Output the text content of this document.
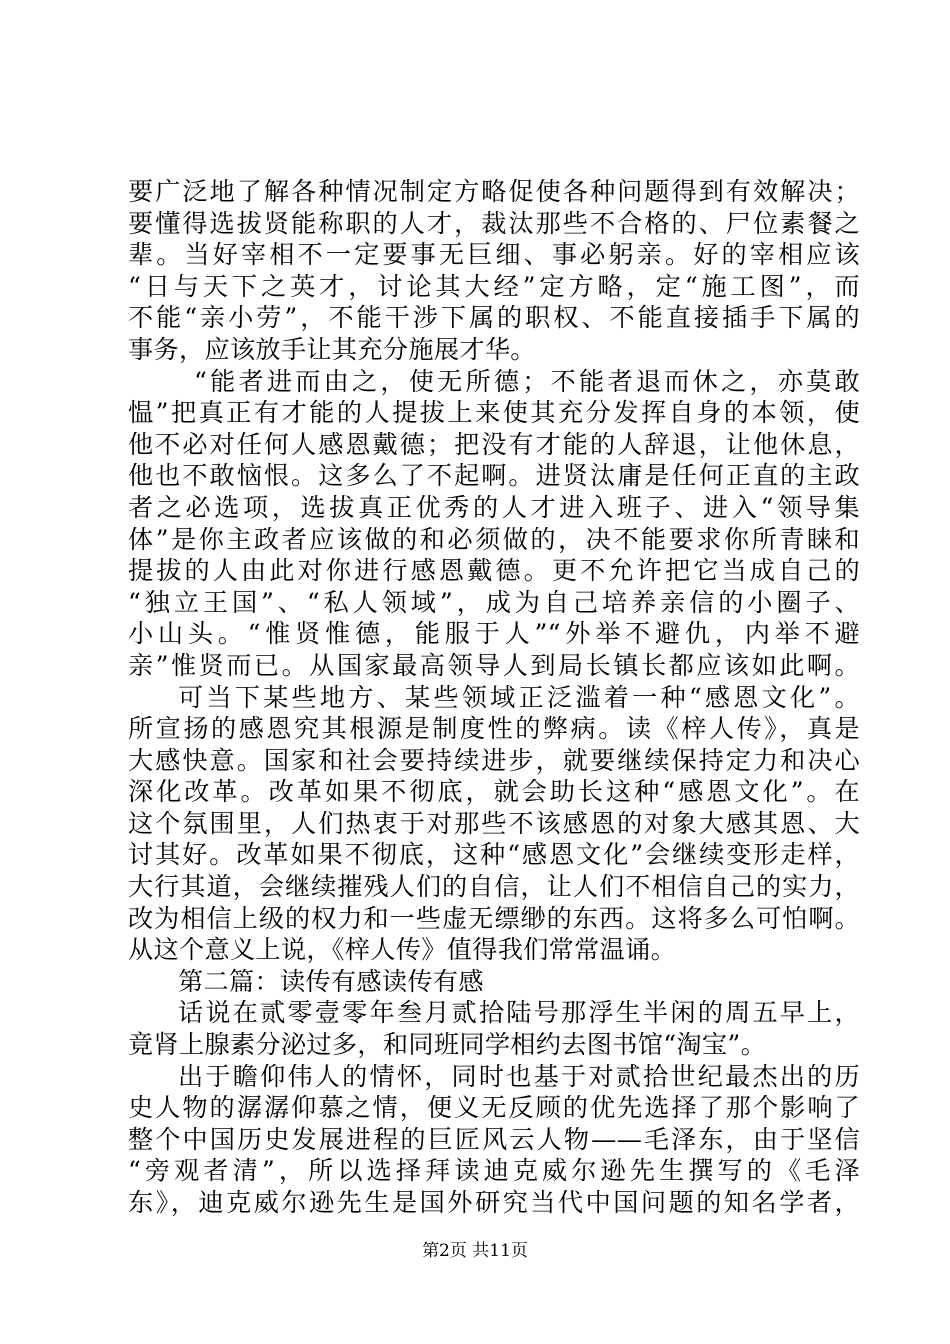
要广泛地了解各种情况制定方略促使各种问题得到有效解决；
要懂得选拔贤能称职的人才，裁汰那些不合格的、尸位素餐之
辈。当好宰相不一定要事无巨细、事必躬亲。好的宰相应该
“日与天下之英才，讨论其大经”定方略，定“施工图”，而
不能“亲小劳”，不能干涉下属的职权、不能直接插手下属的
事务，应该放手让其充分施展才华。
“能者进而由之，使无所德；不能者退而休之，亦莫敢
愠”把真正有才能的人提拔上来使其充分发挥自身的本领，使
他不必对任何人感恩戴德；把没有才能的人辞退，让他休息，
他也不敢恼恨。这多么了不起啊。进贤汰庸是任何正直的主政
者之必选项，选拔真正优秀的人才进入班子、进入“领导集
体”是你主政者应该做的和必须做的，决不能要求你所青睐和
提拔的人由此对你进行感恩戴德。更不允许把它当成自己的
“独立王国”、“私人领域”，成为自己培养亲信的小圈子、
小山头。“惟贤惟德，能服于人”“外举不避仇，内举不避
亲”惟贤而已。从国家最高领导人到局长镇长都应该如此啊。
可当下某些地方、某些领域正泛滥着一种“感恩文化”。
所宣扬的感恩究其根源是制度性的弊病。读《梓人传》，真是
大感快意。国家和社会要持续进步，就要继续保持定力和决心
深化改革。改革如果不彻底，就会助长这种“感恩文化”。在
这个氛围里，人们热衷于对那些不该感恩的对象大感其恩、大
讨其好。改革如果不彻底，这种“感恩文化”会继续变形走样，
大行其道，会继续摧残人们的自信，让人们不相信自己的实力，
改为相信上级的权力和一些虚无缥缈的东西。这将多么可怕啊。
从这个意义上说，《梓人传》值得我们常常温诵。
第二篇：读传有感读传有感
话说在贰零壹零年叁月贰拾陆号那浮生半闲的周五早上，
竟肾上腺素分泌过多，和同班同学相约去图书馆“淘宝”。
出于瞻仰伟人的情怀，同时也基于对贰拾世纪最杰出的历
史人物的潺潺仰慕之情，便义无反顾的优先选择了那个影响了
整个中国历史发展进程的巨匠风云人物——毛泽东，由于坚信
“旁观者清”，所以选择拜读迪克威尔逊先生撰写的《毛泽
东》，迪克威尔逊先生是国外研究当代中国问题的知名学者，
第2页 共11页
